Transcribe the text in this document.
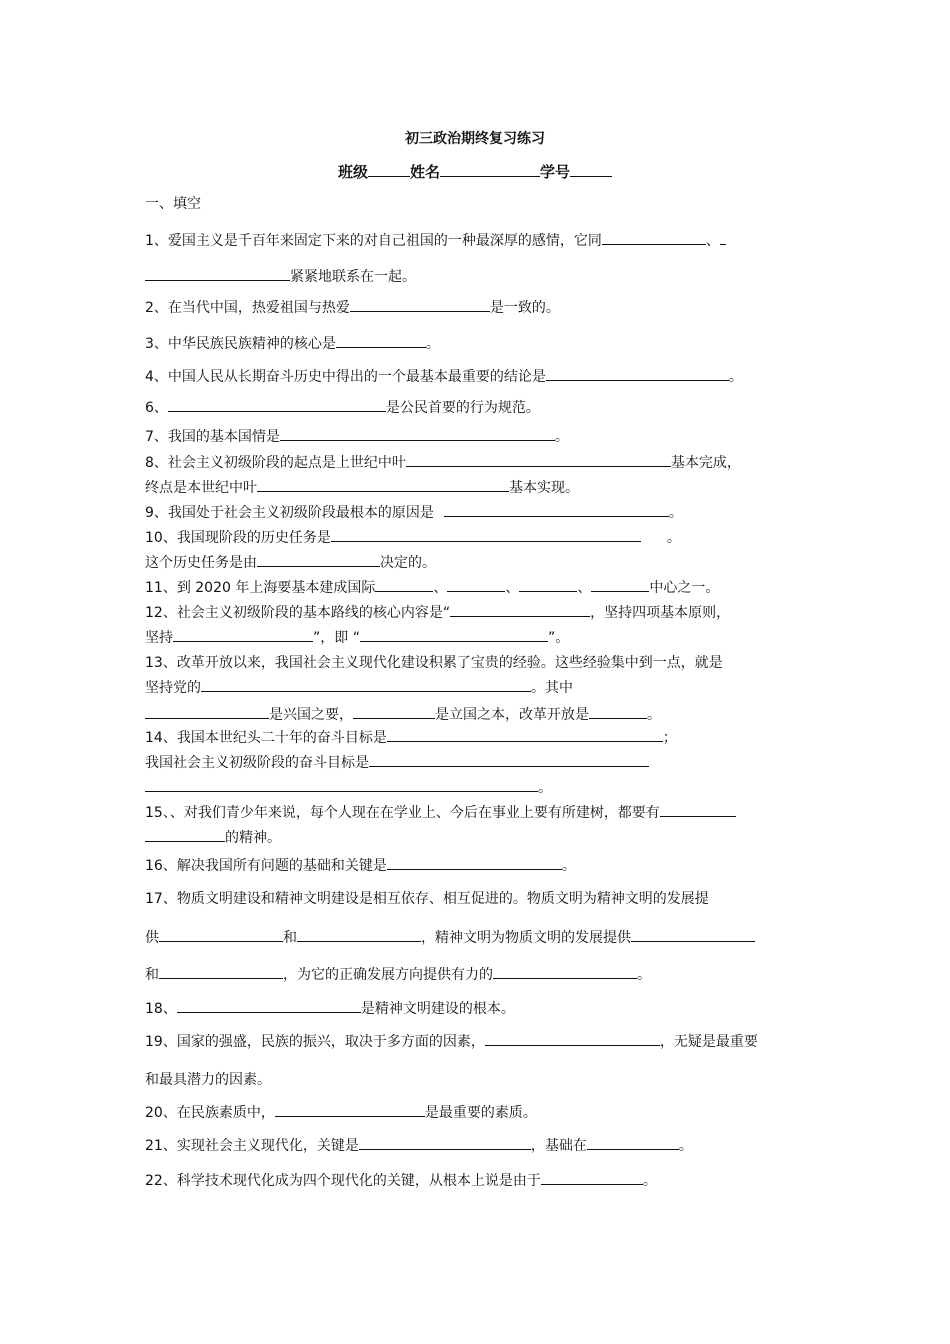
初三政治期终复习练习
班级	姓名	学号
一、填空
1、爱国主义是千百年来固定下来的对自己祖国的一种最深厚的感情，它同	、
紧紧地联系在一起。
2、在当代中国，热爱祖国与热爱	是一致的。
3、中华民族民族精神的核心是	。
4、中国人民从长期奋斗历史中得出的一个最基本最重要的结论是	。
6、	是公民首要的行为规范。
7、我国的基本国情是	。
8、社会主义初级阶段的起点是上世纪中叶	基本完成，
终点是本世纪中叶	基本实现。
9、我国处于社会主义初级阶段最根本的原因是	。
10、我国现阶段的历史任务是	。
这个历史任务是由	决定的。
11、到 2020 年上海要基本建成国际	、	、	、	中心之一。
12、社会主义初级阶段的基本路线的核心内容是“	，坚持四项基本原则，
坚持	”，即 “	”。
13、改革开放以来，我国社会主义现代化建设积累了宝贵的经验。这些经验集中到一点，就是
坚持党的	。其中
是兴国之要，	是立国之本，改革开放是	。
14、我国本世纪头二十年的奋斗目标是	；
我国社会主义初级阶段的奋斗目标是
。
15、、对我们青少年来说，每个人现在在学业上、今后在事业上要有所建树，都要有
的精神。
16、解决我国所有问题的基础和关键是	。
17、物质文明建设和精神文明建设是相互依存、相互促进的。物质文明为精神文明的发展提
供	和	，精神文明为物质文明的发展提供
和	，为它的正确发展方向提供有力的	。
18、	是精神文明建设的根本。
19、国家的强盛，民族的振兴，取决于多方面的因素，	，无疑是最重要
和最具潜力的因素。
20、在民族素质中，	是最重要的素质。
21、实现社会主义现代化，关键是	，基础在	。
22、科学技术现代化成为四个现代化的关键，从根本上说是由于	。
